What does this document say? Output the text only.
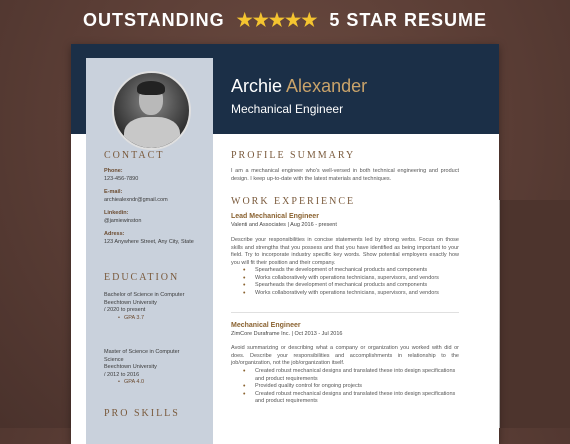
OUTSTANDING ★★★★★ 5 STAR RESUME
Archie Alexander
Mechanical Engineer
CONTACT
Phone:
123-456-7890
E-mail:
archiealexndr@gmail.com
Linkedin:
@jamiewinston
Adress:
123 Anywhere Street, Any City, State
EDUCATION
Bachelor of Science in Computer
Beechtown University
/ 2020 to present
• GPA 3.7
Master of Science in Computer Science
Beechtown University
/ 2012 to 2016
• GPA 4.0
PRO SKILLS
PROFILE SUMMARY
I am a mechanical engineer who's well-versed in both technical engineering and product design. I keep up-to-date with the latest materials and techniques.
WORK EXPERIENCE
Lead Mechanical Engineer
Valenti and Associates | Aug 2016 - present
Describe your responsibilities in concise statements led by strong verbs. Focus on those skills and strengths that you possess and that you have identified as being important to your field. Try to incorporate industry specific key words. Show potential employers exactly how you will fit their position and their company.
• Spearheads the development of mechanical products and components
• Works collaboratively with operations technicians, supervisors, and vendors
• Spearheads the development of mechanical products and components
• Works collaboratively with operations technicians, supervisors, and vendors
Mechanical Engineer
ZimCore Duraframe Inc. | Oct 2013 - Jul 2016
Avoid summarizing or describing what a company or organization you worked with did or does. Describe your responsibilities and accomplishments in relationship to the job/organization, not the job/organization itself.
• Created robust mechanical designs and translated these into design specifications and product requirements
• Provided quality control for ongoing projects
• Created robust mechanical designs and translated these into design specifications and product requirements
